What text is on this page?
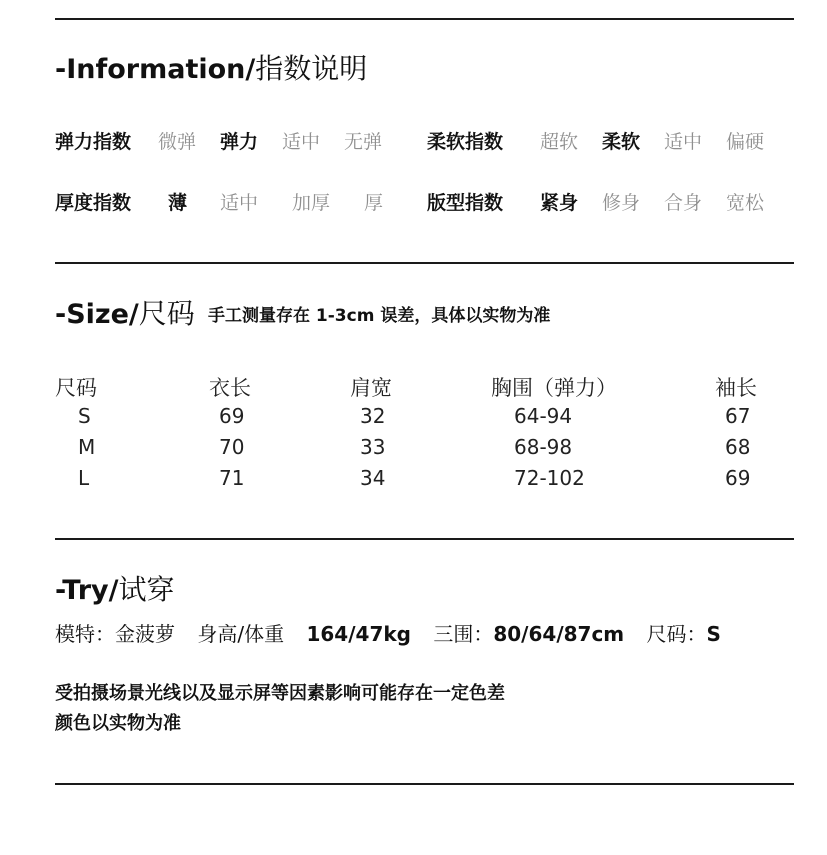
-Information/指数说明
弹力指数 微弹 弹力 适中 无弹 柔软指数 超软 柔软 适中 偏硬
厚度指数 薄 适中 加厚 厚 版型指数 紧身 修身 合身 宽松
-Size/尺码 手工测量存在 1-3cm 误差，具体以实物为准
尺码	衣长	肩宽	胸围（弹力）	袖长
S	69	32	64-94	67
M	70	33	68-98	68
L	71	34	72-102	69
-Try/试穿
模特：金菠萝 身高/体重 164/47kg 三围：80/64/87cm 尺码：S
受拍摄场景光线以及显示屏等因素影响可能存在一定色差
颜色以实物为准
